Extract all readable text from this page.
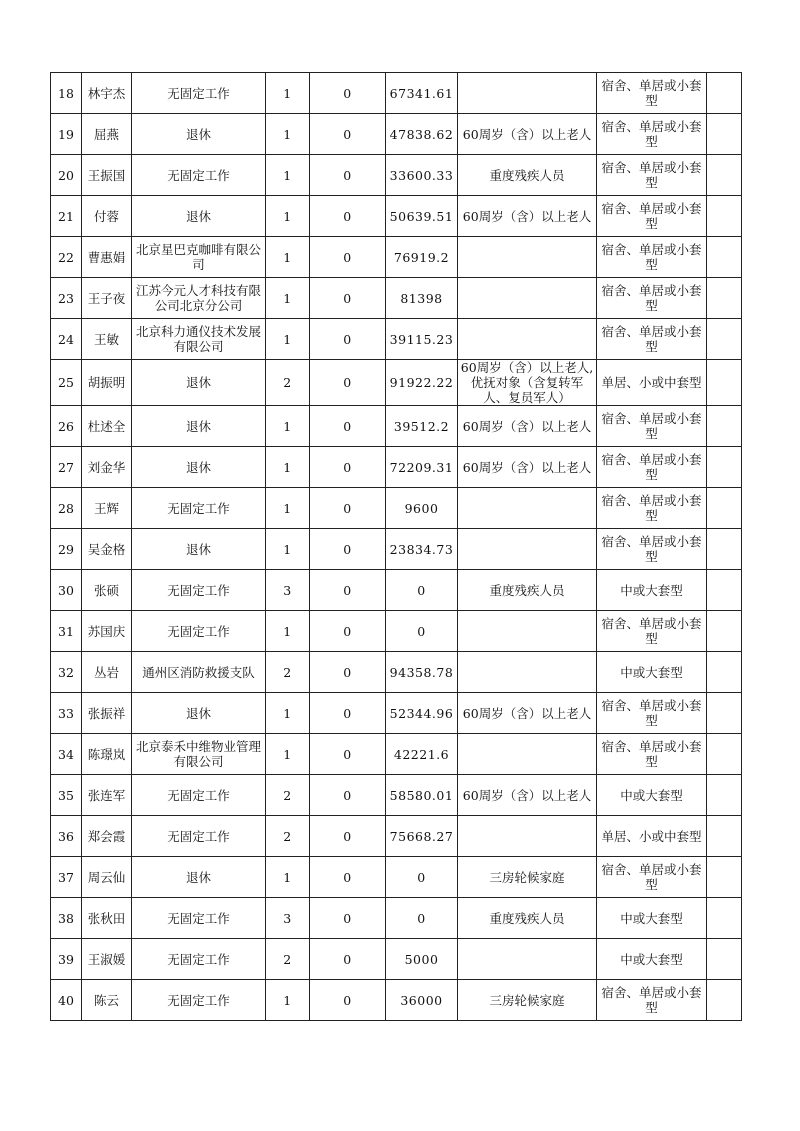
18	林宇杰	无固定工作	1	0	67341.61		宿舍、单居或小套型	
19	屈燕	退休	1	0	47838.62	60周岁（含）以上老人	宿舍、单居或小套型	
20	王振国	无固定工作	1	0	33600.33	重度残疾人员	宿舍、单居或小套型	
21	付蓉	退休	1	0	50639.51	60周岁（含）以上老人	宿舍、单居或小套型	
22	曹惠娟	北京星巴克咖啡有限公司	1	0	76919.2		宿舍、单居或小套型	
23	王子夜	江苏今元人才科技有限公司北京分公司	1	0	81398		宿舍、单居或小套型	
24	王敏	北京科力通仪技术发展有限公司	1	0	39115.23		宿舍、单居或小套型	
25	胡振明	退休	2	0	91922.22	60周岁（含）以上老人,优抚对象（含复转军人、复员军人）	单居、小或中套型	
26	杜述全	退休	1	0	39512.2	60周岁（含）以上老人	宿舍、单居或小套型	
27	刘金华	退休	1	0	72209.31	60周岁（含）以上老人	宿舍、单居或小套型	
28	王辉	无固定工作	1	0	9600		宿舍、单居或小套型	
29	吴金格	退休	1	0	23834.73		宿舍、单居或小套型	
30	张硕	无固定工作	3	0	0	重度残疾人员	中或大套型	
31	苏国庆	无固定工作	1	0	0		宿舍、单居或小套型	
32	丛岩	通州区消防救援支队	2	0	94358.78		中或大套型	
33	张振祥	退休	1	0	52344.96	60周岁（含）以上老人	宿舍、单居或小套型	
34	陈璟岚	北京泰禾中维物业管理有限公司	1	0	42221.6		宿舍、单居或小套型	
35	张连军	无固定工作	2	0	58580.01	60周岁（含）以上老人	中或大套型	
36	郑会霞	无固定工作	2	0	75668.27		单居、小或中套型	
37	周云仙	退休	1	0	0	三房轮候家庭	宿舍、单居或小套型	
38	张秋田	无固定工作	3	0	0	重度残疾人员	中或大套型	
39	王淑媛	无固定工作	2	0	5000		中或大套型	
40	陈云	无固定工作	1	0	36000	三房轮候家庭	宿舍、单居或小套型	
